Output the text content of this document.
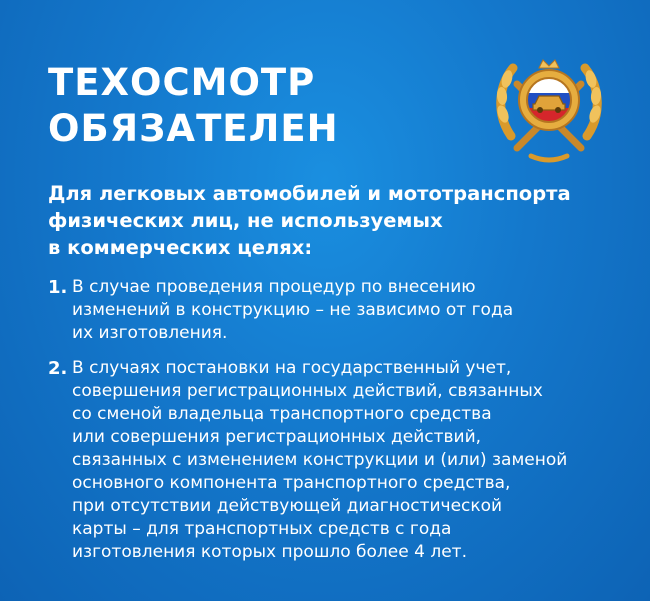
ТЕХОСМОТР
ОБЯЗАТЕЛЕН
Для легковых автомобилей и мототранспорта
физических лиц, не используемых
в коммерческих целях:
1. В случае проведения процедур по внесению
изменений в конструкцию – не зависимо от года
их изготовления.
2. В случаях постановки на государственный учет,
совершения регистрационных действий, связанных
со сменой владельца транспортного средства
или совершения регистрационных действий,
связанных с изменением конструкции и (или) заменой
основного компонента транспортного средства,
при отсутствии действующей диагностической
карты – для транспортных средств с года
изготовления которых прошло более 4 лет.
